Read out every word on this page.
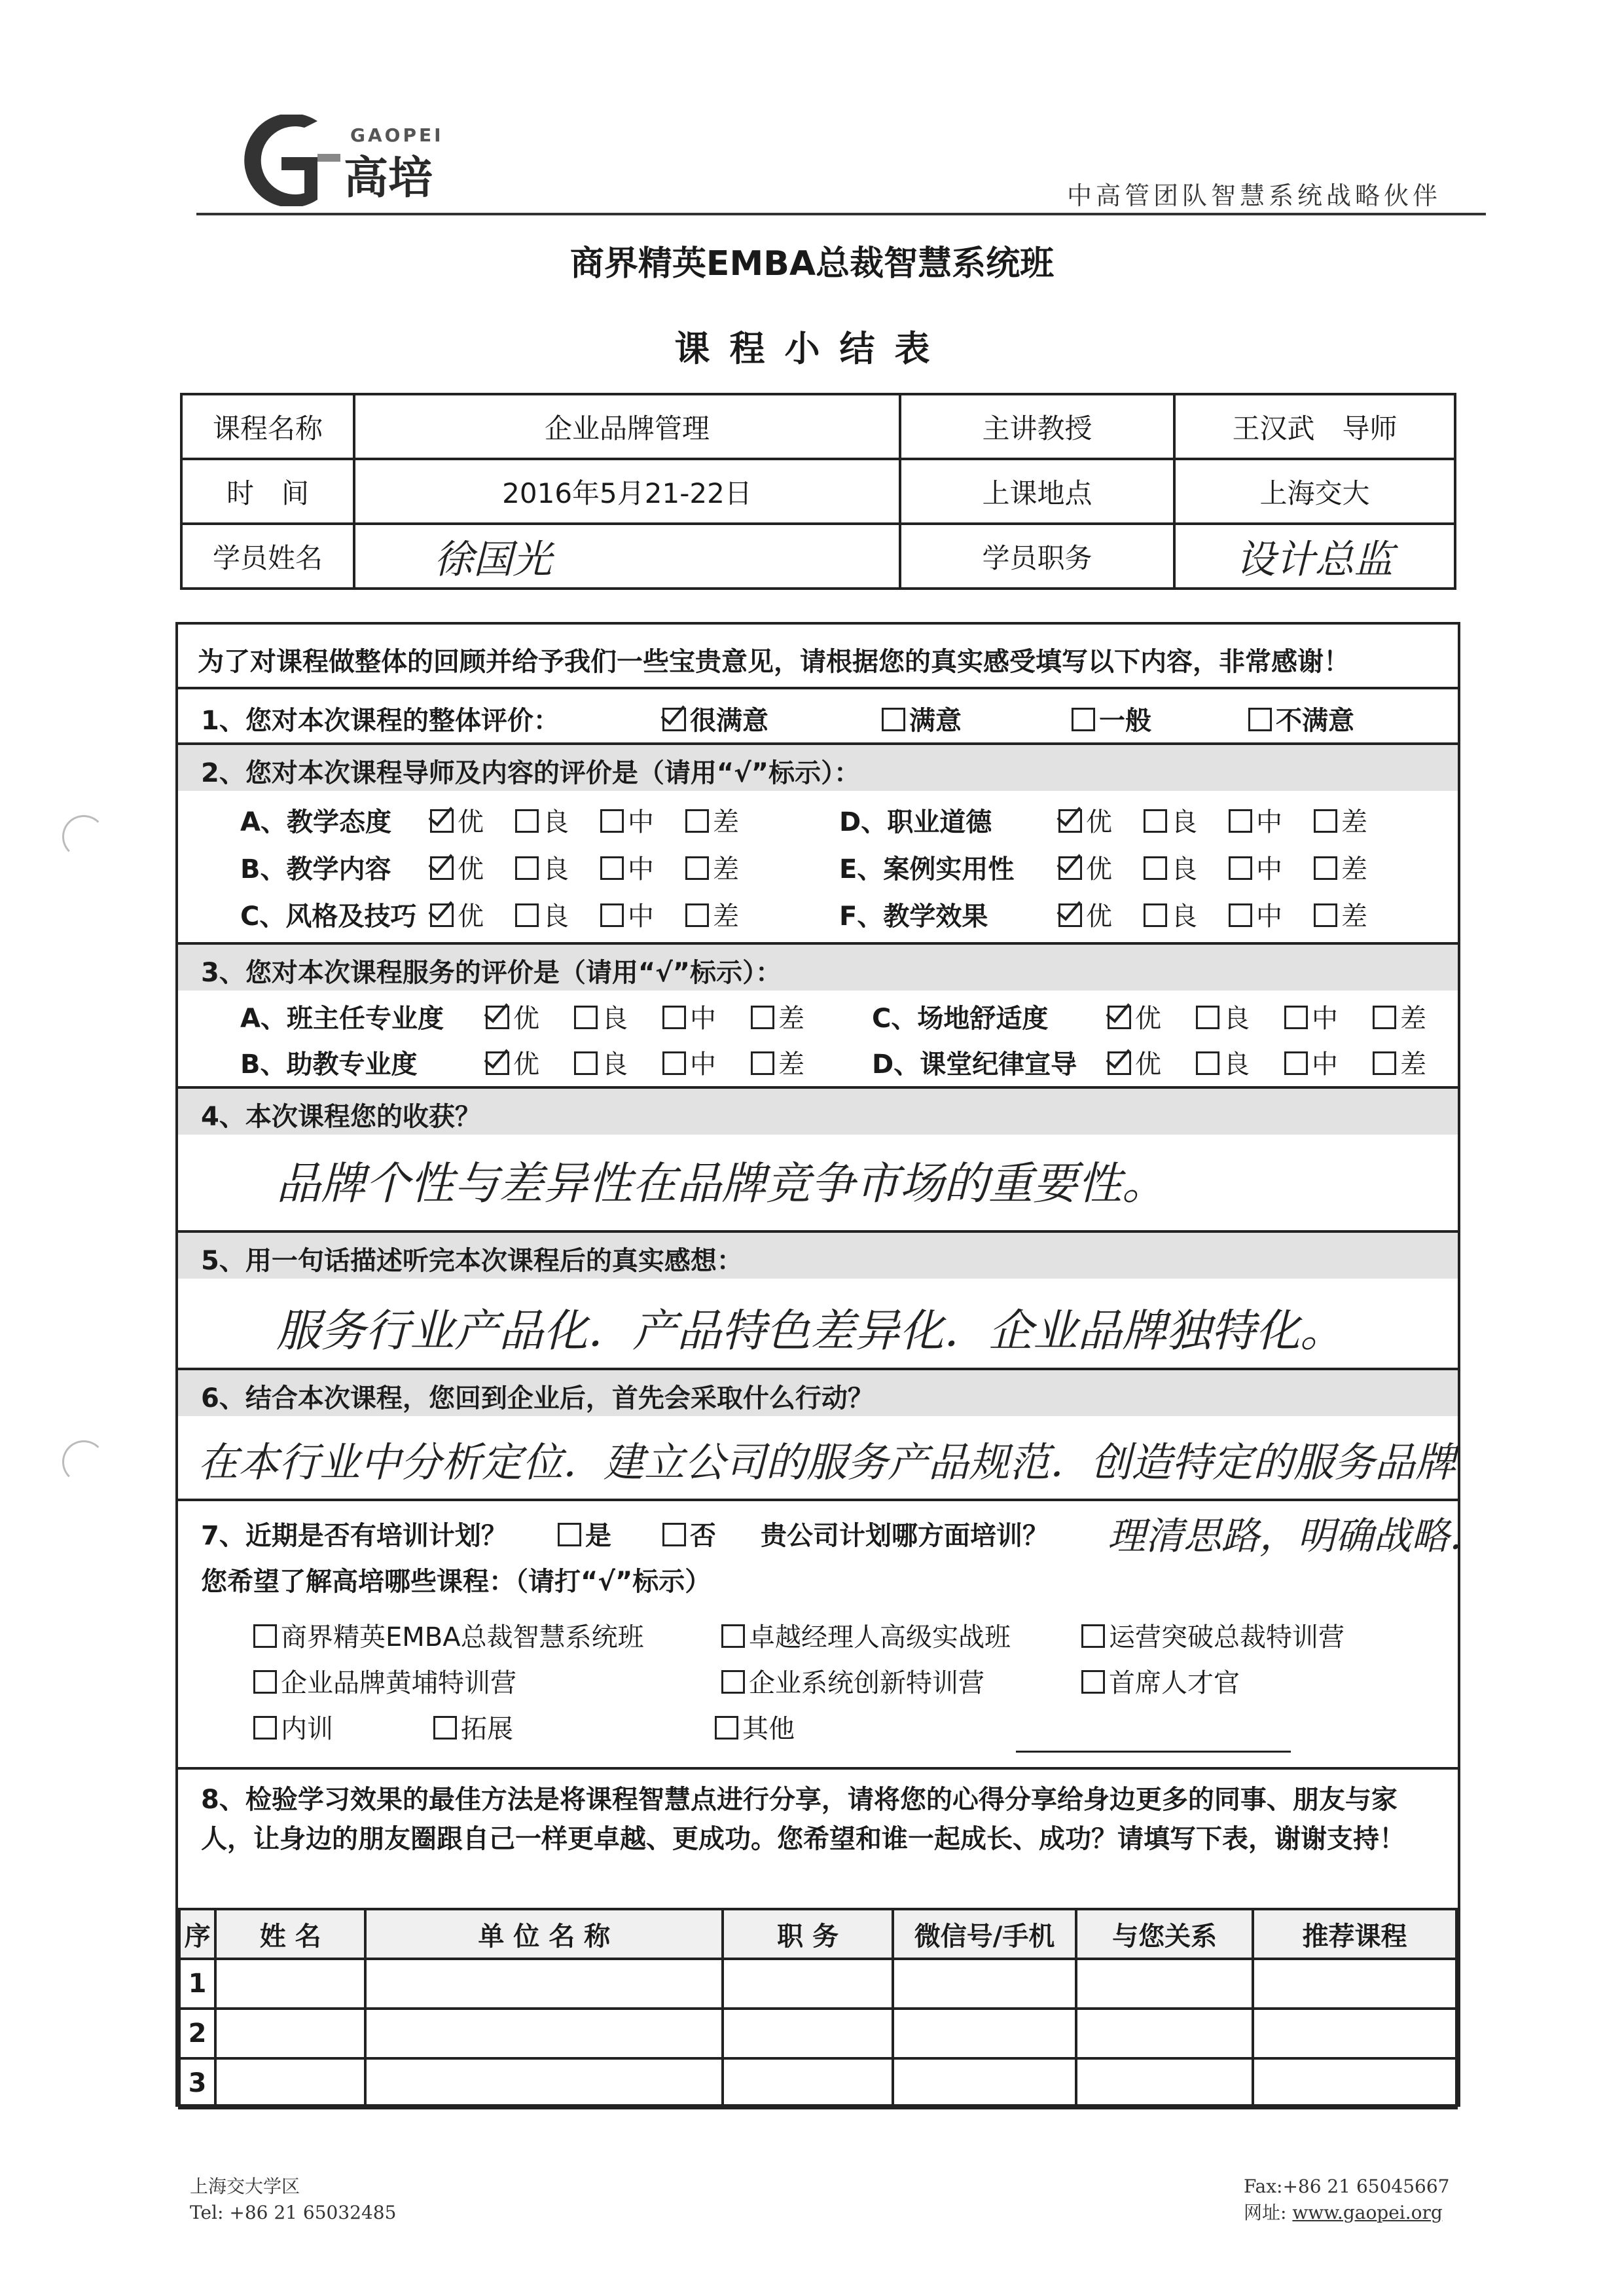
GAOPEI
高培	中高管团队智慧系统战略伙伴
商界精英EMBA总裁智慧系统班
课程小结表
课程名称	企业品牌管理	主讲教授	王汉武　导师
时　间	2016年5月21-22日	上课地点	上海交大
学员姓名	徐国光	学员职务	设计总监
为了对课程做整体的回顾并给予我们一些宝贵意见，请根据您的真实感受填写以下内容，非常感谢！
1、您对本次课程的整体评价：	很满意	满意	一般	不满意
2、您对本次课程导师及内容的评价是（请用“√”标示）：
3、您对本次课程服务的评价是（请用“√”标示）：
A、班主任专业度	优	良	中	差
B、助教专业度	优	良	中	差
C、场地舒适度	优	良	中	差
D、课堂纪律宣导	优	良	中	差
4、本次课程您的收获？
品牌个性与差异性在品牌竞争市场的重要性。
5、用一句话描述听完本次课程后的真实感想：
服务行业产品化．产品特色差异化．企业品牌独特化。
6、结合本次课程，您回到企业后，首先会采取什么行动？
在本行业中分析定位．建立公司的服务产品规范．创造特定的服务品牌
理清思路，明确战略．
7、近期是否有培训计划？	是	否 贵公司计划哪方面培训？
您希望了解高培哪些课程：（请打“√”标示）
商界精英EMBA总裁智慧系统班	卓越经理人高级实战班	运营突破总裁特训营
企业品牌黄埔特训营	企业系统创新特训营	首席人才官
内训	拓展	其他
8、检验学习效果的最佳方法是将课程智慧点进行分享，请将您的心得分享给身边更多的同事、朋友与家人，让身边的朋友圈跟自己一样更卓越、更成功。您希望和谁一起成长、成功？请填写下表，谢谢支持！
序	姓 名	单 位 名 称	职 务	微信号/手机	与您关系	推荐课程
1						
2						
3						
A、教学态度	优	良	中	差
B、教学内容	优	良	中	差
C、风格及技巧	优	良	中	差
D、职业道德	优	良	中	差
E、案例实用性	优	良	中	差
F、教学效果	优	良	中	差
上海交大学区
Tel: +86 21 65032485
Fax:+86 21 65045667
网址: www.gaopei.org
